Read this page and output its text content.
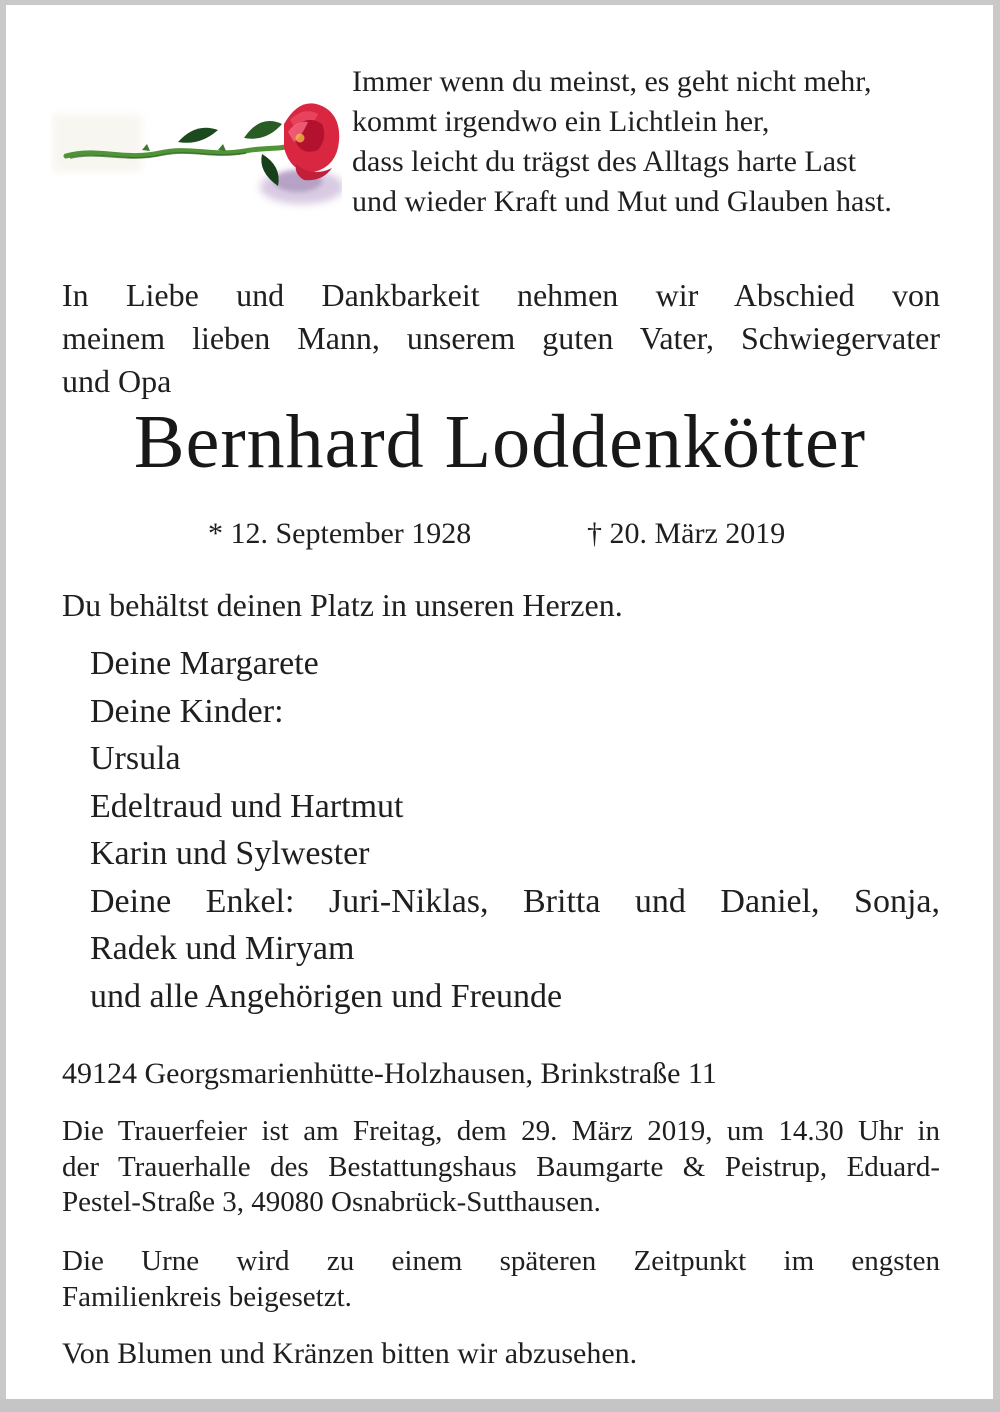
Immer wenn du meinst, es geht nicht mehr,
kommt irgendwo ein Lichtlein her,
dass leicht du trägst des Alltags harte Last
und wieder Kraft und Mut und Glauben hast.
In Liebe und Dankbarkeit nehmen wir Abschied von
meinem lieben Mann, unserem guten Vater, Schwiegervater
und Opa
Bernhard Loddenkötter
* 12. September 1928	† 20. März 2019
Du behältst deinen Platz in unseren Herzen.
Deine Margarete
Deine Kinder:
Ursula
Edeltraud und Hartmut
Karin und Sylwester
Deine Enkel: Juri-Niklas, Britta und Daniel, Sonja,
Radek und Miryam
und alle Angehörigen und Freunde
49124 Georgsmarienhütte-Holzhausen, Brinkstraße 11
Die Trauerfeier ist am Freitag, dem 29. März 2019, um 14.30 Uhr in
der Trauerhalle des Bestattungshaus Baumgarte & Peistrup, Eduard-
Pestel-Straße 3, 49080 Osnabrück-Sutthausen.
Die Urne wird zu einem späteren Zeitpunkt im engsten
Familienkreis beigesetzt.
Von Blumen und Kränzen bitten wir abzusehen.
